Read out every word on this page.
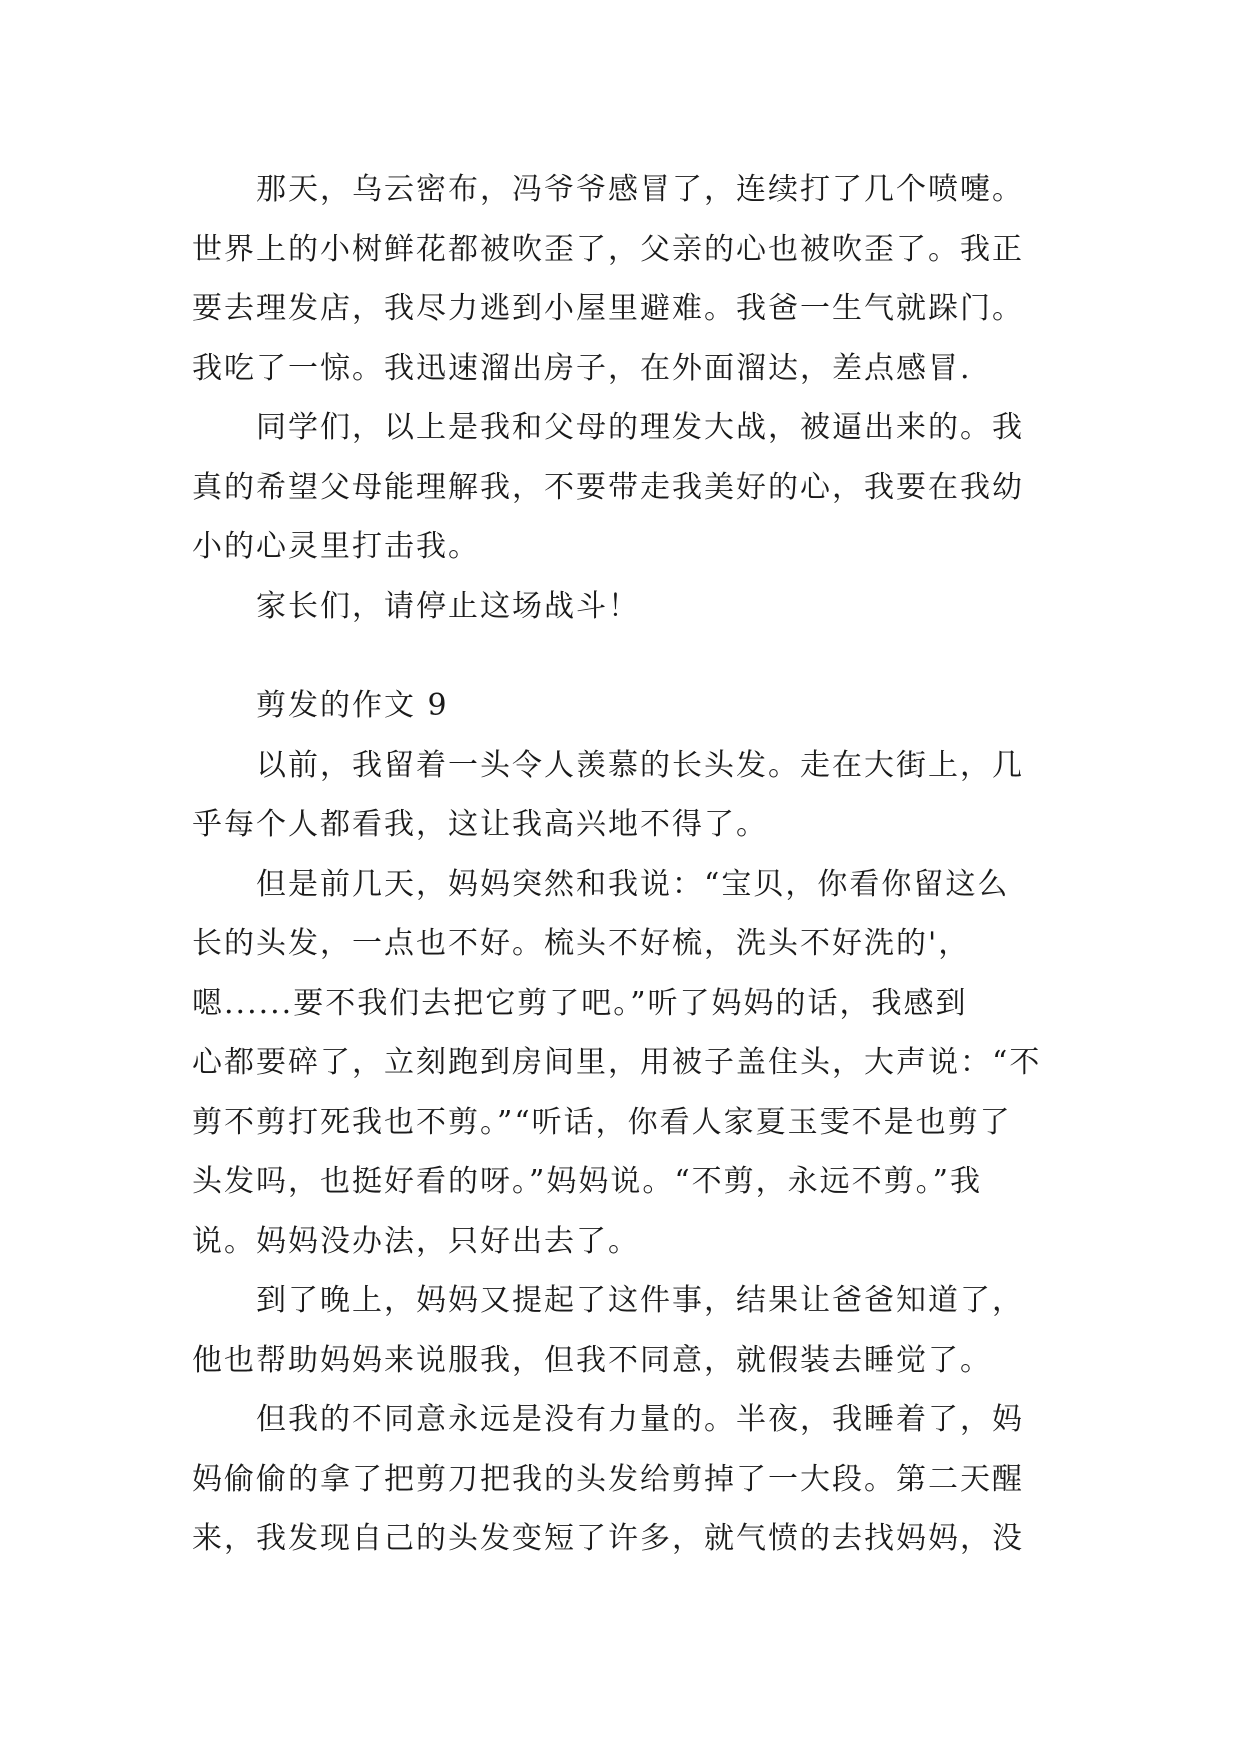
那天，乌云密布，冯爷爷感冒了，连续打了几个喷嚏。
世界上的小树鲜花都被吹歪了，父亲的心也被吹歪了。我正
要去理发店，我尽力逃到小屋里避难。我爸一生气就跺门。
我吃了一惊。我迅速溜出房子，在外面溜达，差点感冒.
同学们，以上是我和父母的理发大战，被逼出来的。我
真的希望父母能理解我，不要带走我美好的心，我要在我幼
小的心灵里打击我。
家长们，请停止这场战斗！
剪发的作文 9
以前，我留着一头令人羡慕的长头发。走在大街上，几
乎每个人都看我，这让我高兴地不得了。
但是前几天，妈妈突然和我说：“宝贝，你看你留这么
长的头发，一点也不好。梳头不好梳，洗头不好洗的'，
嗯......要不我们去把它剪了吧。”听了妈妈的话，我感到
心都要碎了，立刻跑到房间里，用被子盖住头，大声说：“不
剪不剪打死我也不剪。”“听话，你看人家夏玉雯不是也剪了
头发吗，也挺好看的呀。”妈妈说。“不剪，永远不剪。”我
说。妈妈没办法，只好出去了。
到了晚上，妈妈又提起了这件事，结果让爸爸知道了，
他也帮助妈妈来说服我，但我不同意，就假装去睡觉了。
但我的不同意永远是没有力量的。半夜，我睡着了，妈
妈偷偷的拿了把剪刀把我的头发给剪掉了一大段。第二天醒
来，我发现自己的头发变短了许多，就气愤的去找妈妈，没
